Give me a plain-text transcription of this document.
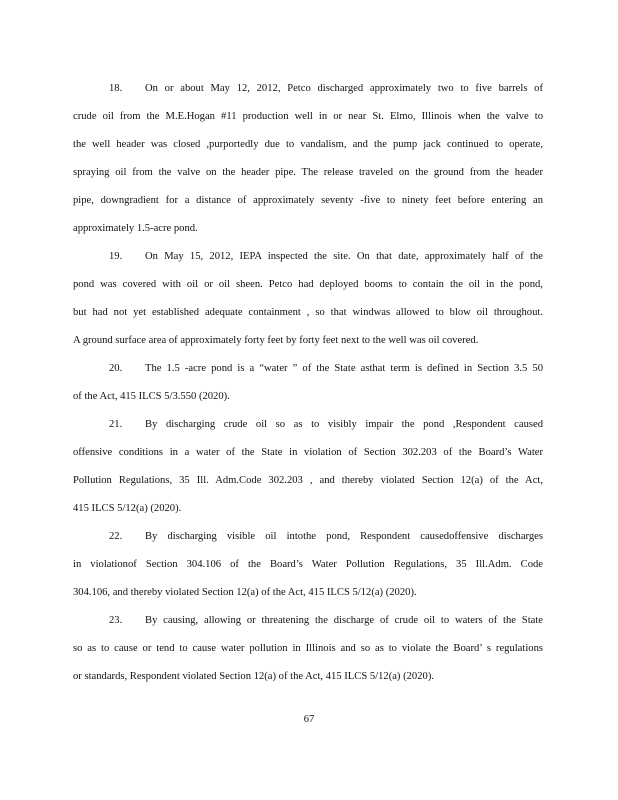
18. On or about May 12, 2012, Petco discharged approximately two to five barrels of
crude oil from the M.E.Hogan #11 production well in or near St. Elmo, Illinois when the valve to
the well header was closed ,purportedly due to vandalism, and the pump jack continued to operate,
spraying oil from the valve on the header pipe. The release traveled on the ground from the header
pipe, downgradient for a distance of approximately seventy -five to ninety feet before entering an
approximately 1.5-acre pond.
19. On May 15, 2012, IEPA inspected the site. On that date, approximately half of the
pond was covered with oil or oil sheen. Petco had deployed booms to contain the oil in the pond,
but had not yet established adequate containment , so that windwas allowed to blow oil throughout.
A ground surface area of approximately forty feet by forty feet next to the well was oil covered.
20. The 1.5 -acre pond is a “water ” of the State asthat term is defined in Section 3.5 50
of the Act, 415 ILCS 5/3.550 (2020).
21. By discharging crude oil so as to visibly impair the pond ,Respondent caused
offensive conditions in a water of the State in violation of Section 302.203 of the Board’s Water
Pollution Regulations, 35 Ill. Adm.Code 302.203 , and thereby violated Section 12(a) of the Act,
415 ILCS 5/12(a) (2020).
22. By discharging visible oil intothe pond, Respondent causedoffensive discharges
in violationof Section 304.106 of the Board’s Water Pollution Regulations, 35 Ill.Adm. Code
304.106, and thereby violated Section 12(a) of the Act, 415 ILCS 5/12(a) (2020).
23. By causing, allowing or threatening the discharge of crude oil to waters of the State
so as to cause or tend to cause water pollution in Illinois and so as to violate the Board’ s regulations
or standards, Respondent violated Section 12(a) of the Act, 415 ILCS 5/12(a) (2020).
67
